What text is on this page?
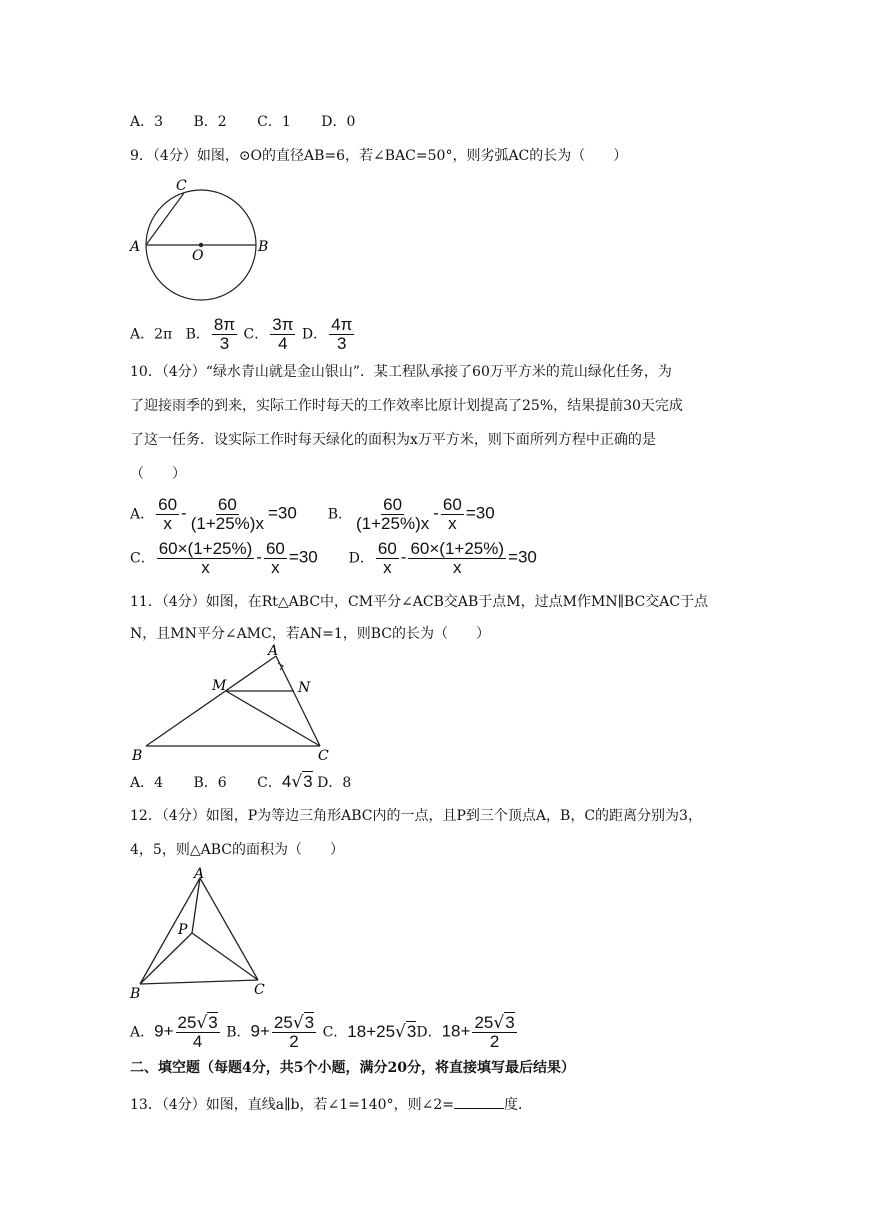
A．3 B．2 C．1 D．0
9．（4分）如图，⊙O的直径AB=6，若∠BAC=50°，则劣弧AC的长为（　　）
C
A
O
B
A．2π B． $\frac{8\pi}{3}$ C． $\frac{3\pi}{4}$ D． $\frac{4\pi}{3}$
10．（4分）“绿水青山就是金山银山”．某工程队承接了60万平方米的荒山绿化任务，为
了迎接雨季的到来，实际工作时每天的工作效率比原计划提高了25%，结果提前30天完成
了这一任务．设实际工作时每天绿化的面积为x万平方米，则下面所列方程中正确的是
（　　）
A． $\frac{60}{x} - \frac{60}{(1+25\%)x} =30$ B． $\frac{60}{(1+25\%)x} - \frac{60}{x} =30$
C． $\frac{60\times(1+25\%)}{x} - \frac{60}{x} =30$ D． $\frac{60}{x} - \frac{60\times(1+25\%)}{x} =30$
11．（4分）如图，在Rt△ABC中，CM平分∠ACB交AB于点M，过点M作MN∥BC交AC于点
N，且MN平分∠AMC，若AN=1，则BC的长为（　　）
A
M	N
B	C
A．4 B．6 C．4√3 D．8
12．（4分）如图，P为等边三角形ABC内的一点，且P到三个顶点A，B，C的距离分别为3，
4，5，则△ABC的面积为（　　）
A
P
B	C
A．$9+ \frac{25√3}{4}$ B．$9+ \frac{25√3}{2}$ C．18+25√3D．$18+ \frac{25√3}{2}$
二、填空题（每题4分，共5个小题，满分20分，将直接填写最后结果）
13．（4分）如图，直线a∥b，若∠1=140°，则∠2=	度．
